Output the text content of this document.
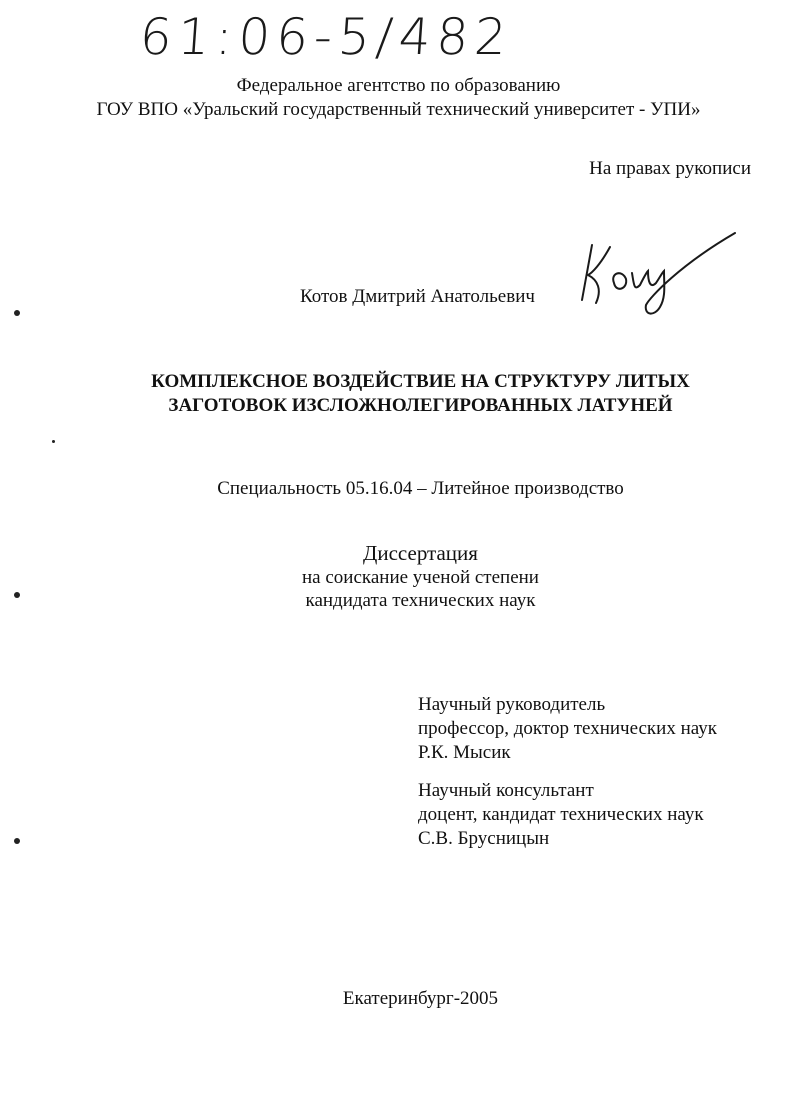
61:06-5/482
Федеральное агентство по образованию
ГОУ ВПО «Уральский государственный технический университет - УПИ»
На правах рукописи
Котов Дмитрий Анатольевич
КОМПЛЕКСНОЕ ВОЗДЕЙСТВИЕ НА СТРУКТУРУ ЛИТЫХ
ЗАГОТОВОК ИЗСЛОЖНОЛЕГИРОВАННЫХ ЛАТУНЕЙ
Специальность 05.16.04 – Литейное производство
Диссертация
на соискание ученой степени
кандидата технических наук
Научный руководитель
профессор, доктор технических наук
Р.К. Мысик
Научный консультант
доцент, кандидат технических наук
С.В. Брусницын
Екатеринбург-2005
